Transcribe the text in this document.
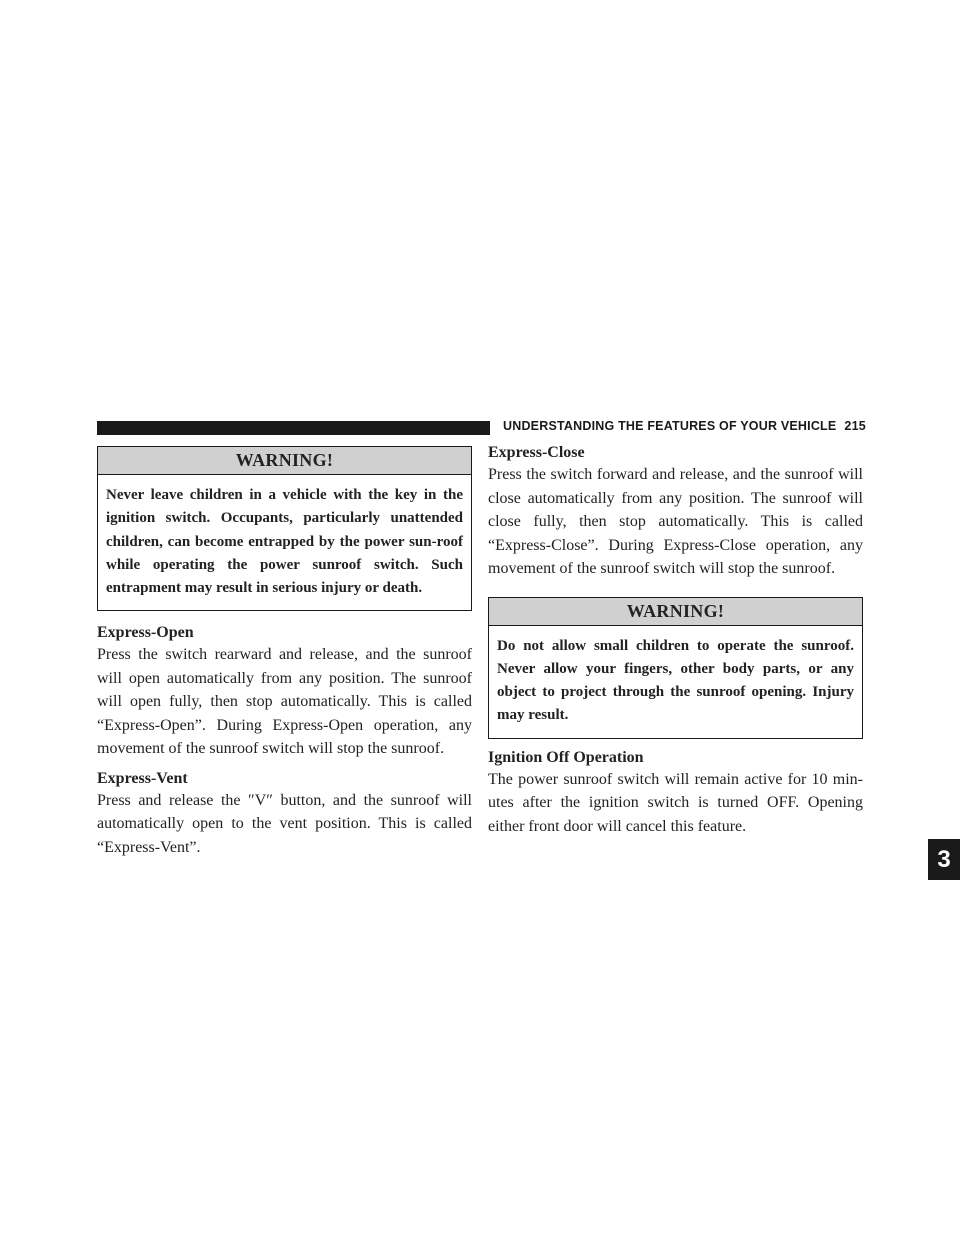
UNDERSTANDING THE FEATURES OF YOUR VEHICLE 215
3
WARNING!
Never leave children in a vehicle with the key in the ignition switch. Occupants, particularly unattended children, can become entrapped by the power sun-roof while operating the power sunroof switch. Such entrapment may result in serious injury or death.

Express-Open

Press the switch rearward and release, and the sunroof will open automatically from any position. The sunroof will open fully, then stop automatically. This is called “Express-Open”. During Express-Open operation, any movement of the sunroof switch will stop the sunroof.

Express-Vent

Press and release the ″V″ button, and the sunroof will automatically open to the vent position. This is called “Express-Vent”.

Express-Close

Press the switch forward and release, and the sunroof will close automatically from any position. The sunroof will close fully, then stop automatically. This is called “Express-Close”. During Express-Close operation, any movement of the sunroof switch will stop the sunroof.

WARNING!
Do not allow small children to operate the sunroof. Never allow your fingers, other body parts, or any object to project through the sunroof opening. Injury may result.

Ignition Off Operation

The power sunroof switch will remain active for 10 min-utes after the ignition switch is turned OFF. Opening either front door will cancel this feature.
